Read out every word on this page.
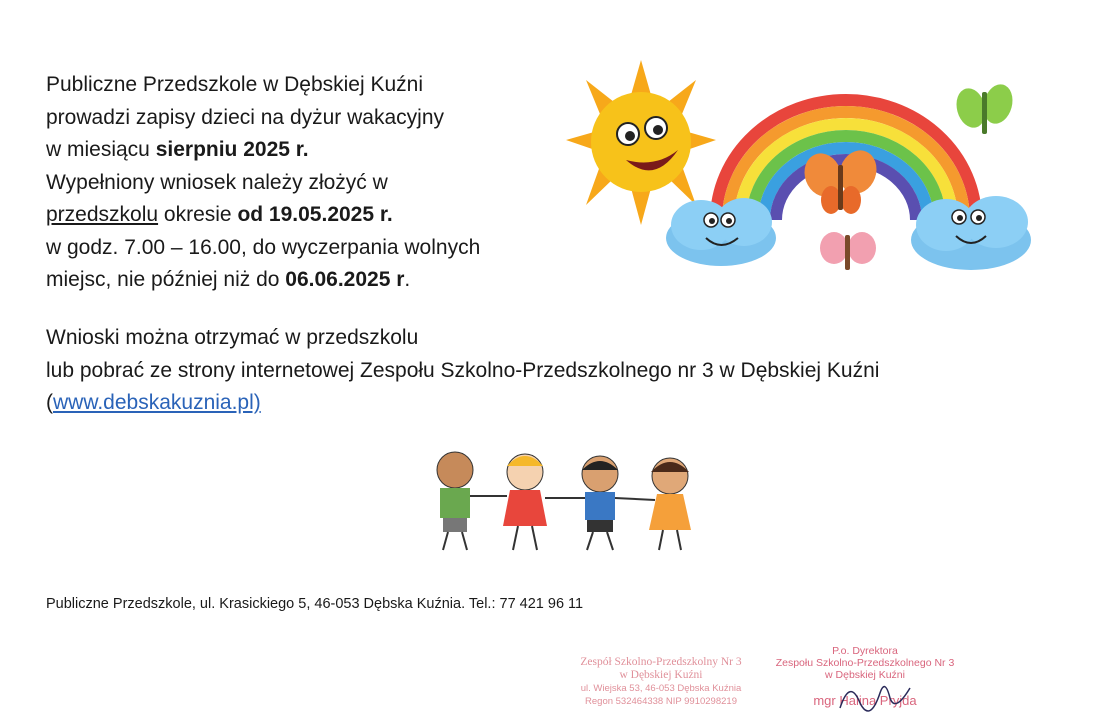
Publiczne Przedszkole w Dębskiej Kuźni
prowadzi zapisy dzieci na dyżur wakacyjny
w miesiącu sierpniu 2025 r.
Wypełniony wniosek należy złożyć w
przedszkolu okresie od 19.05.2025 r.
w godz. 7.00 – 16.00, do wyczerpania wolnych
miejsc, nie później niż do 06.06.2025 r.
Wnioski można otrzymać w przedszkolu
lub pobrać ze strony internetowej Zespołu Szkolno-Przedszkolnego nr 3 w Dębskiej Kuźni
(www.debskakuznia.pl)
Publiczne Przedszkole, ul. Krasickiego 5, 46-053 Dębska Kuźnia. Tel.: 77 421 96 11
Zespół Szkolno-Przedszkolny Nr 3
w Dębskiej Kuźni
ul. Wiejska 53, 46-053 Dębska Kuźnia
Regon 532464338 NIP 9910298219
P.o. Dyrektora
Zespołu Szkolno-Przedszkolnego Nr 3
w Dębskiej Kuźni
mgr Halina Pryjda
